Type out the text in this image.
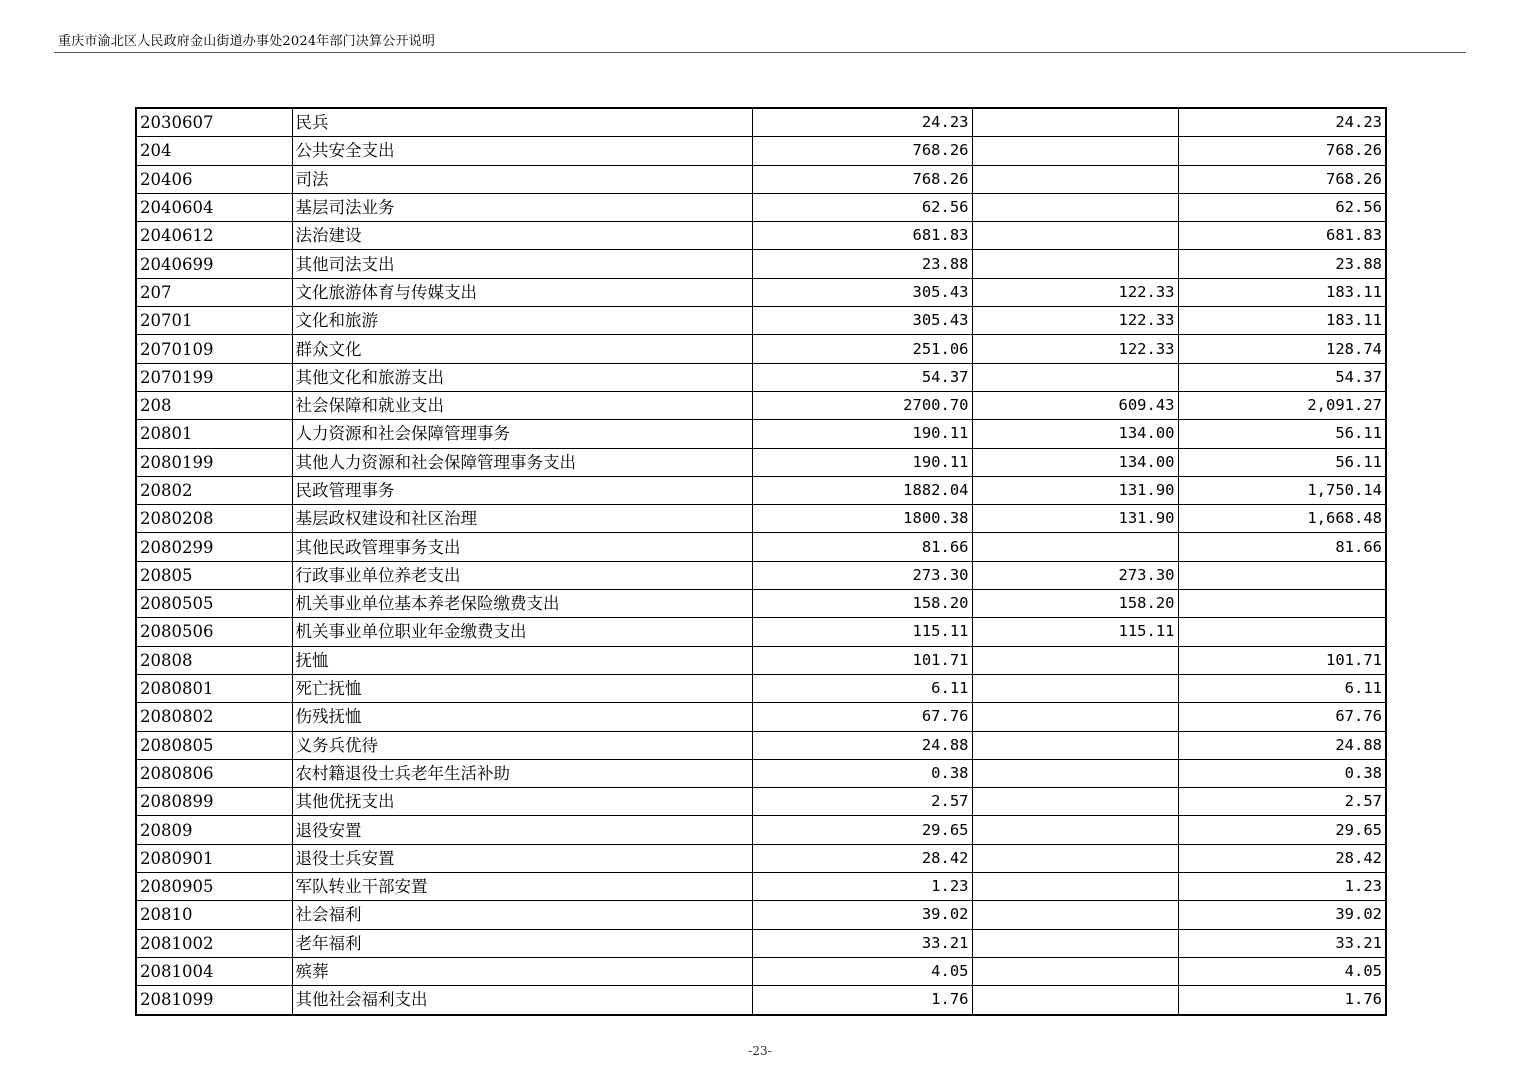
重庆市渝北区人民政府金山街道办事处2024年部门决算公开说明
2030607	民兵	24.23		24.23
204	公共安全支出	768.26		768.26
20406	司法	768.26		768.26
2040604	基层司法业务	62.56		62.56
2040612	法治建设	681.83		681.83
2040699	其他司法支出	23.88		23.88
207	文化旅游体育与传媒支出	305.43	122.33	183.11
20701	文化和旅游	305.43	122.33	183.11
2070109	群众文化	251.06	122.33	128.74
2070199	其他文化和旅游支出	54.37		54.37
208	社会保障和就业支出	2700.70	609.43	2,091.27
20801	人力资源和社会保障管理事务	190.11	134.00	56.11
2080199	其他人力资源和社会保障管理事务支出	190.11	134.00	56.11
20802	民政管理事务	1882.04	131.90	1,750.14
2080208	基层政权建设和社区治理	1800.38	131.90	1,668.48
2080299	其他民政管理事务支出	81.66		81.66
20805	行政事业单位养老支出	273.30	273.30	
2080505	机关事业单位基本养老保险缴费支出	158.20	158.20	
2080506	机关事业单位职业年金缴费支出	115.11	115.11	
20808	抚恤	101.71		101.71
2080801	死亡抚恤	6.11		6.11
2080802	伤残抚恤	67.76		67.76
2080805	义务兵优待	24.88		24.88
2080806	农村籍退役士兵老年生活补助	0.38		0.38
2080899	其他优抚支出	2.57		2.57
20809	退役安置	29.65		29.65
2080901	退役士兵安置	28.42		28.42
2080905	军队转业干部安置	1.23		1.23
20810	社会福利	39.02		39.02
2081002	老年福利	33.21		33.21
2081004	殡葬	4.05		4.05
2081099	其他社会福利支出	1.76		1.76
-23-
